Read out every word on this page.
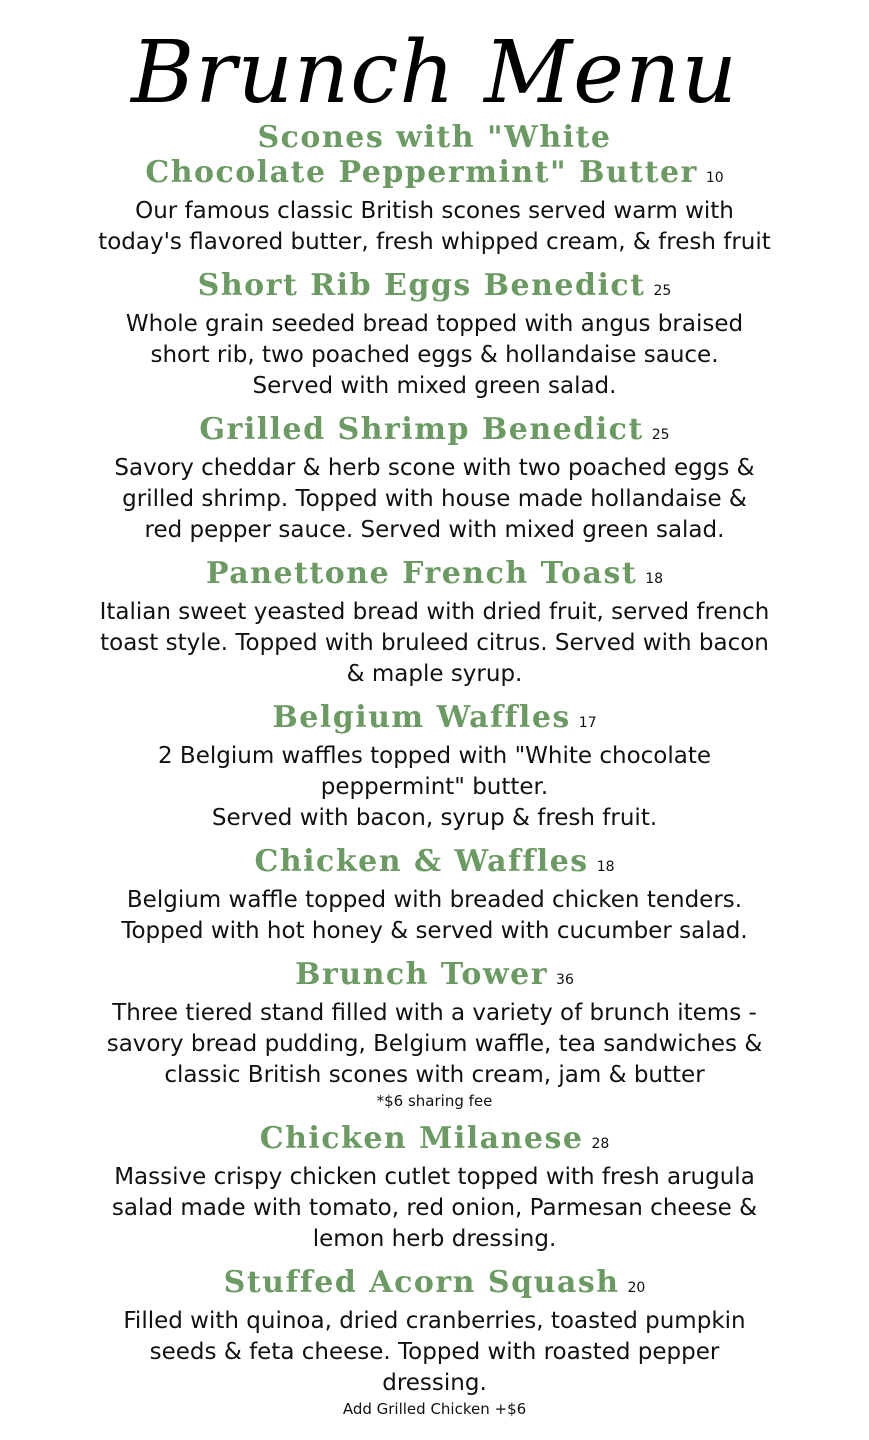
Brunch Menu
Scones with "White
Chocolate Peppermint" Butter 10
Our famous classic British scones served warm with
today's flavored butter, fresh whipped cream, & fresh fruit
Short Rib Eggs Benedict 25
Whole grain seeded bread topped with angus braised
short rib, two poached eggs & hollandaise sauce.
Served with mixed green salad.
Grilled Shrimp Benedict 25
Savory cheddar & herb scone with two poached eggs &
grilled shrimp. Topped with house made hollandaise &
red pepper sauce. Served with mixed green salad.
Panettone French Toast 18
Italian sweet yeasted bread with dried fruit, served french
toast style. Topped with bruleed citrus. Served with bacon
& maple syrup.
Belgium Waffles 17
2 Belgium waffles topped with "White chocolate
peppermint" butter.
Served with bacon, syrup & fresh fruit.
Chicken & Waffles 18
Belgium waffle topped with breaded chicken tenders.
Topped with hot honey & served with cucumber salad.
Brunch Tower 36
Three tiered stand filled with a variety of brunch items -
savory bread pudding, Belgium waffle, tea sandwiches &
classic British scones with cream, jam & butter
*$6 sharing fee
Chicken Milanese 28
Massive crispy chicken cutlet topped with fresh arugula
salad made with tomato, red onion, Parmesan cheese &
lemon herb dressing.
Stuffed Acorn Squash 20
Filled with quinoa, dried cranberries, toasted pumpkin
seeds & feta cheese. Topped with roasted pepper
dressing.
Add Grilled Chicken +$6
